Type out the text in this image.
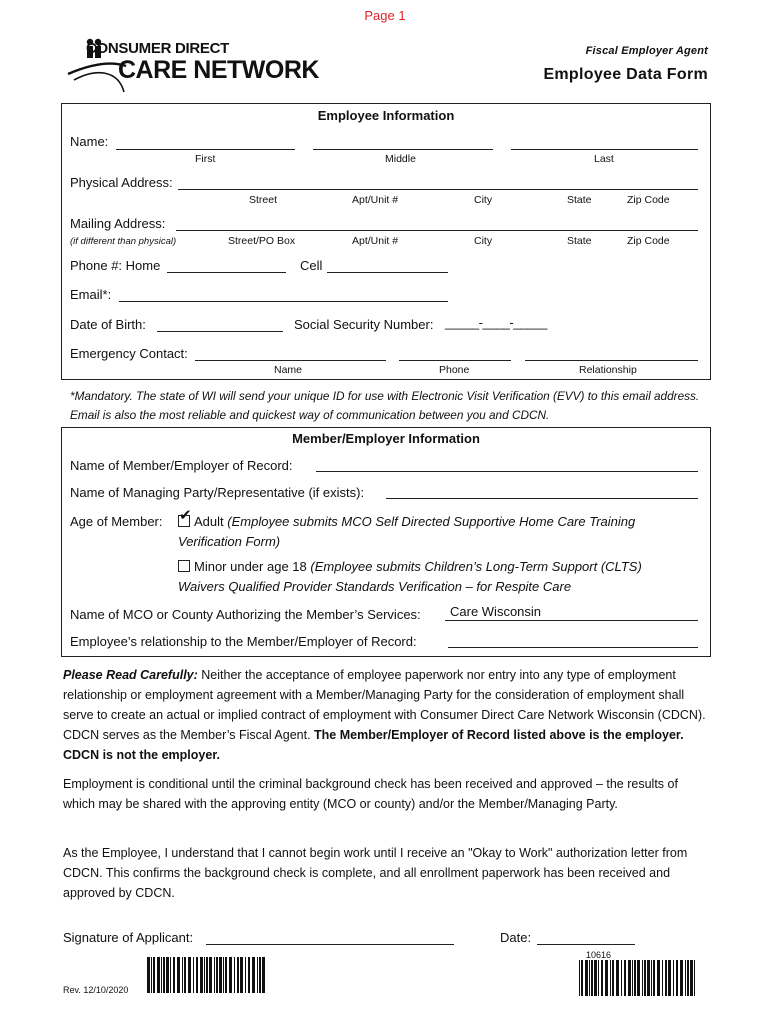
Page 1
CONSUMER DIRECT
CARE NETWORK
Fiscal Employer Agent
Employee Data Form
Employee Information
Name:
First	Middle	Last
Physical Address:
Street	Apt/Unit #	City	State	Zip Code
Mailing Address:
(if different than physical)	Street/PO Box	Apt/Unit #	City	State	Zip Code
Phone #: Home	Cell
Email*:
Date of Birth:	Social Security Number: _____-____-_____
Emergency Contact:
Name	Phone	Relationship
*Mandatory. The state of WI will send your unique ID for use with Electronic Visit Verification (EVV) to this email address. Email is also the most reliable and quickest way of communication between you and CDCN.
Member/Employer Information
Name of Member/Employer of Record:
Name of Managing Party/Representative (if exists):
Age of Member:
✔	Adult (Employee submits MCO Self Directed Supportive Home Care Training Verification Form)
Minor under age 18 (Employee submits Children’s Long-Term Support (CLTS) Waivers Qualified Provider Standards Verification – for Respite Care
Name of MCO or County Authorizing the Member’s Services: Care Wisconsin
Employee’s relationship to the Member/Employer of Record:
Please Read Carefully: Neither the acceptance of employee paperwork nor entry into any type of employment relationship or employment agreement with a Member/Managing Party for the consideration of employment shall serve to create an actual or implied contract of employment with Consumer Direct Care Network Wisconsin (CDCN). CDCN serves as the Member’s Fiscal Agent. The Member/Employer of Record listed above is the employer. CDCN is not the employer.
Employment is conditional until the criminal background check has been received and approved – the results of which may be shared with the approving entity (MCO or county) and/or the Member/Managing Party.
As the Employee, I understand that I cannot begin work until I receive an "Okay to Work" authorization letter from CDCN. This confirms the background check is complete, and all enrollment paperwork has been received and approved by CDCN.
Signature of Applicant:	Date:
10616
Rev. 12/10/2020
